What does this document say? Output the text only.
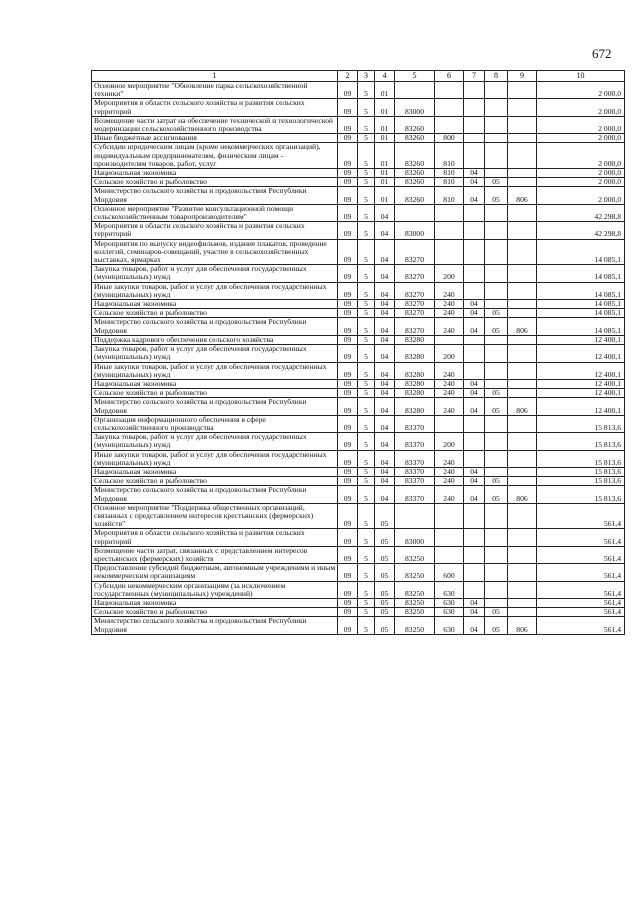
672
1	2	3	4	5	6	7	8	9	10
Основное мероприятие "Обновление парка сельскохозяйственной техники"	09	5	01						2 000,0
Мероприятия в области сельского хозяйства и развития сельских территорий	09	5	01	83000					2 000,0
Возмещение части затрат на обеспечение технической и технологической модернизации сельскохозяйственного производства	09	5	01	83260					2 000,0
Иные бюджетные ассигнования	09	5	01	83260	800				2 000,0
Субсидии юридическим лицам (кроме некоммерческих организаций), индивидуальным предпринимателям, физическим лицам - производителям товаров, работ, услуг	09	5	01	83260	810				2 000,0
Национальная экономика	09	5	01	83260	810	04			2 000,0
Сельское хозяйство и рыболовство	09	5	01	83260	810	04	05		2 000,0
Министерство сельского хозяйства и продовольствия Республики Мордовия	09	5	01	83260	810	04	05	806	2 000,0
Основное мероприятие "Развитие консультационной помощи сельскохозяйственным товаропроизводителям"	09	5	04						42 298,8
Мероприятия в области сельского хозяйства и развития сельских территорий	09	5	04	83000					42 298,8
Мероприятия по выпуску видеофильмов, издание плакатов, проведение коллегий, семинаров-совещаний, участие в сельскохозяйственных выставках, ярмарках	09	5	04	83270					14 085,1
Закупка товаров, работ и услуг для обеспечения государственных (муниципальных) нужд	09	5	04	83270	200				14 085,1
Иные закупки товаров, работ и услуг для обеспечения государственных (муниципальных) нужд	09	5	04	83270	240				14 085,1
Национальная экономика	09	5	04	83270	240	04			14 085,1
Сельское хозяйство и рыболовство	09	5	04	83270	240	04	05		14 085,1
Министерство сельского хозяйства и продовольствия Республики Мордовия	09	5	04	83270	240	04	05	806	14 085,1
Поддержка кадрового обеспечения сельского хозяйства	09	5	04	83280					12 400,1
Закупка товаров, работ и услуг для обеспечения государственных (муниципальных) нужд	09	5	04	83280	200				12 400,1
Иные закупки товаров, работ и услуг для обеспечения государственных (муниципальных) нужд	09	5	04	83280	240				12 400,1
Национальная экономика	09	5	04	83280	240	04			12 400,1
Сельское хозяйство и рыболовство	09	5	04	83280	240	04	05		12 400,1
Министерство сельского хозяйства и продовольствия Республики Мордовия	09	5	04	83280	240	04	05	806	12 400,1
Организация информационного обеспечения в сфере сельскохозяйственного производства	09	5	04	83370					15 813,6
Закупка товаров, работ и услуг для обеспечения государственных (муниципальных) нужд	09	5	04	83370	200				15 813,6
Иные закупки товаров, работ и услуг для обеспечения государственных (муниципальных) нужд	09	5	04	83370	240				15 813,6
Национальная экономика	09	5	04	83370	240	04			15 813,6
Сельское хозяйство и рыболовство	09	5	04	83370	240	04	05		15 813,6
Министерство сельского хозяйства и продовольствия Республики Мордовия	09	5	04	83370	240	04	05	806	15 813,6
Основное мероприятие "Поддержка общественных организаций, связанных с представлением интересов крестьянских (фермерских) хозяйств"	09	5	05						561,4
Мероприятия в области сельского хозяйства и развития сельских территорий	09	5	05	83000					561,4
Возмещение части затрат, связанных с представлением интересов крестьянских (фермерских) хозяйств	09	5	05	83250					561,4
Предоставление субсидий бюджетным, автономным учреждениям и иным некоммерческим организациям	09	5	05	83250	600				561,4
Субсидии некоммерческим организациям (за исключением государственных (муниципальных) учреждений)	09	5	05	83250	630				561,4
Национальная экономика	09	5	05	83250	630	04			561,4
Сельское хозяйство и рыболовство	09	5	05	83250	630	04	05		561,4
Министерство сельского хозяйства и продовольствия Республики Мордовия	09	5	05	83250	630	04	05	806	561,4
